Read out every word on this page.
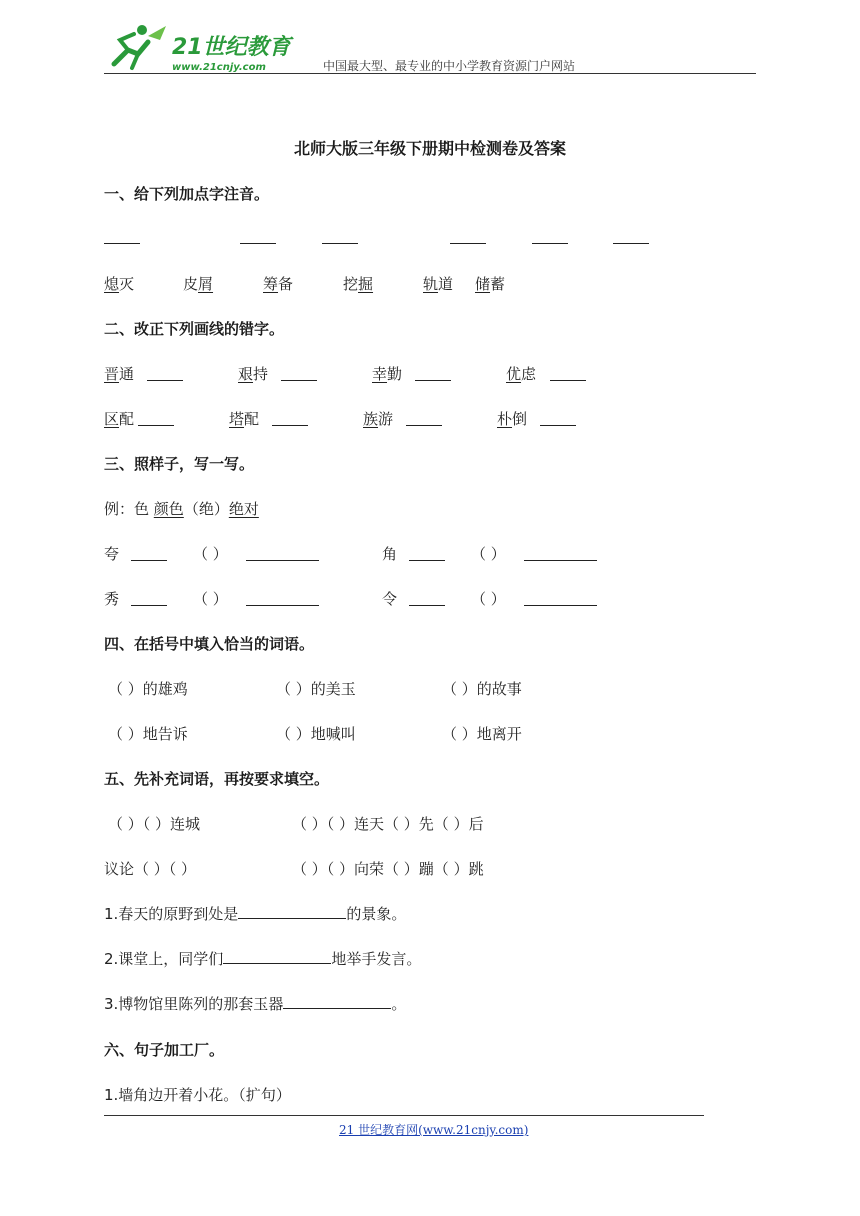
21世纪教育
www.21cnjy.com	中国最大型、最专业的中小学教育资源门户网站
北师大版三年级下册期中检测卷及答案
一、给下列加点字注音。
熄灭	皮屑	筹备	挖掘	轨道 储蓄
二、改正下列画线的错字。
晋通	艰持	幸勤	优虑
区配	塔配	族游	朴倒
三、照样子，写一写。
例：色 颜色（绝）绝对
夸	（ ）	角	（ ）
秀	（ ）	令	（ ）
四、在括号中填入恰当的词语。
（ ）的雄鸡	（ ）的美玉	（ ）的故事
（ ）地告诉	（ ）地喊叫	（ ）地离开
五、先补充词语，再按要求填空。
（ ）（ ）连城	（ ）（ ）连天（ ）先（ ）后
议论（ ）（ ）	（ ）（ ）向荣（ ）蹦（ ）跳
1.春天的原野到处是	的景象。
2.课堂上，同学们	地举手发言。
3.博物馆里陈列的那套玉器	。
六、句子加工厂。
1.墙角边开着小花。（扩句）
21 世纪教育网(www.21cnjy.com)
